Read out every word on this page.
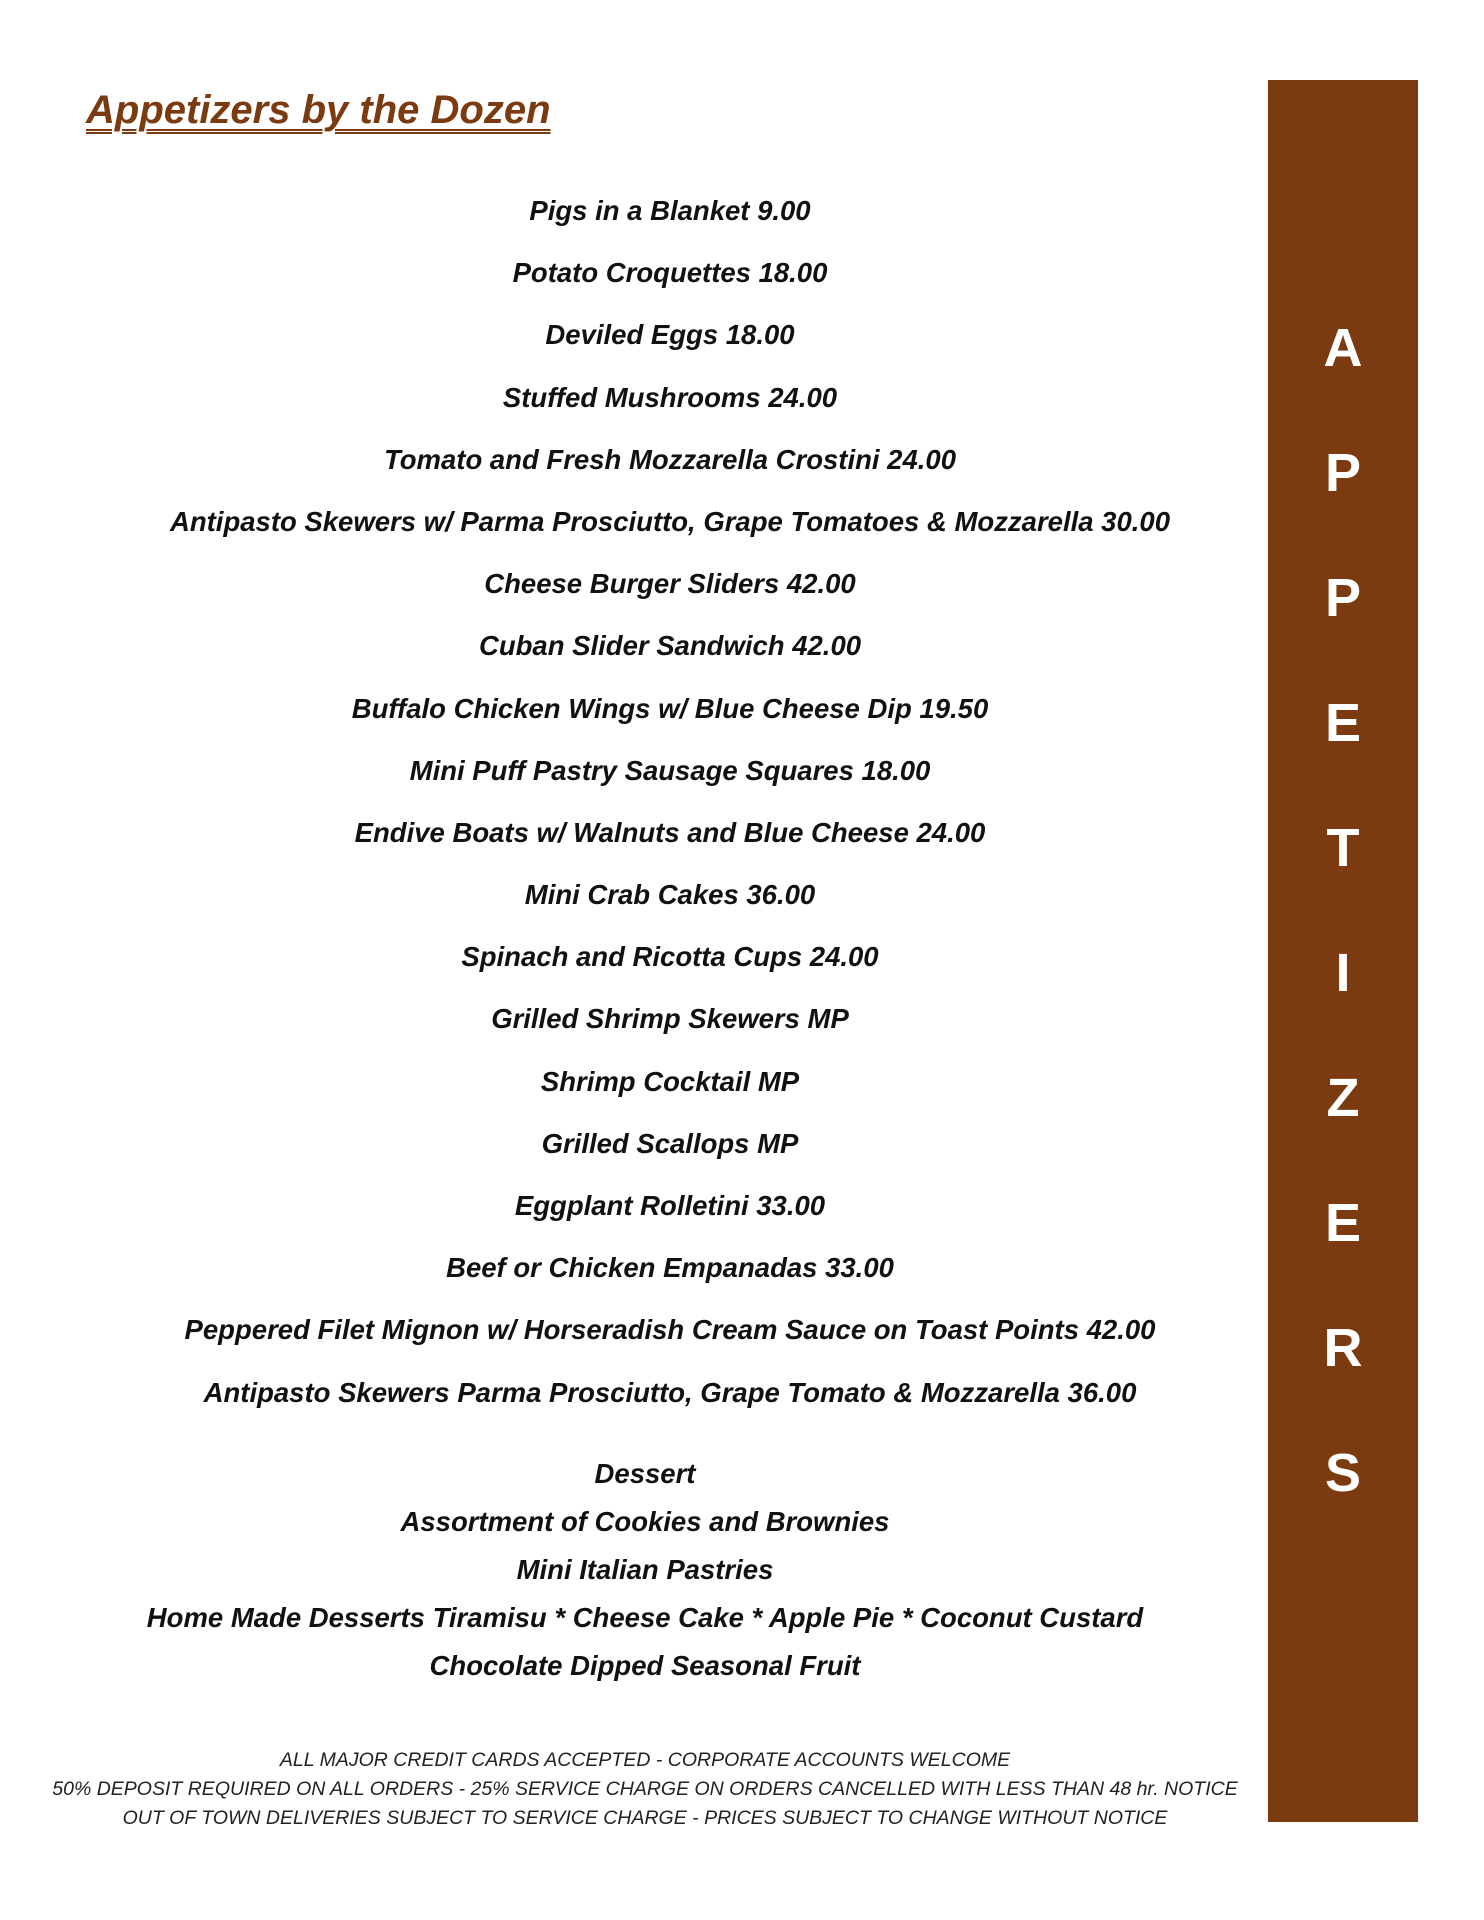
Appetizers by the Dozen
Pigs in a Blanket 9.00
Potato Croquettes 18.00
Deviled Eggs 18.00
Stuffed Mushrooms 24.00
Tomato and Fresh Mozzarella Crostini 24.00
Antipasto Skewers w/ Parma Prosciutto, Grape Tomatoes & Mozzarella 30.00
Cheese Burger Sliders 42.00
Cuban Slider Sandwich 42.00
Buffalo Chicken Wings w/ Blue Cheese Dip 19.50
Mini Puff Pastry Sausage Squares 18.00
Endive Boats w/ Walnuts and Blue Cheese 24.00
Mini Crab Cakes 36.00
Spinach and Ricotta Cups 24.00
Grilled Shrimp Skewers MP
Shrimp Cocktail MP
Grilled Scallops MP
Eggplant Rolletini 33.00
Beef or Chicken Empanadas 33.00
Peppered Filet Mignon w/ Horseradish Cream Sauce on Toast Points 42.00
Antipasto Skewers Parma Prosciutto, Grape Tomato & Mozzarella 36.00
Dessert
Assortment of Cookies and Brownies
Mini Italian Pastries
Home Made Desserts Tiramisu * Cheese Cake * Apple Pie * Coconut Custard
Chocolate Dipped Seasonal Fruit
ALL MAJOR CREDIT CARDS ACCEPTED - CORPORATE ACCOUNTS WELCOME
50% DEPOSIT REQUIRED ON ALL ORDERS - 25% SERVICE CHARGE ON ORDERS CANCELLED WITH LESS THAN 48 hr. NOTICE
OUT OF TOWN DELIVERIES SUBJECT TO SERVICE CHARGE - PRICES SUBJECT TO CHANGE WITHOUT NOTICE
A
P
P
E
T
I
Z
E
R
S
